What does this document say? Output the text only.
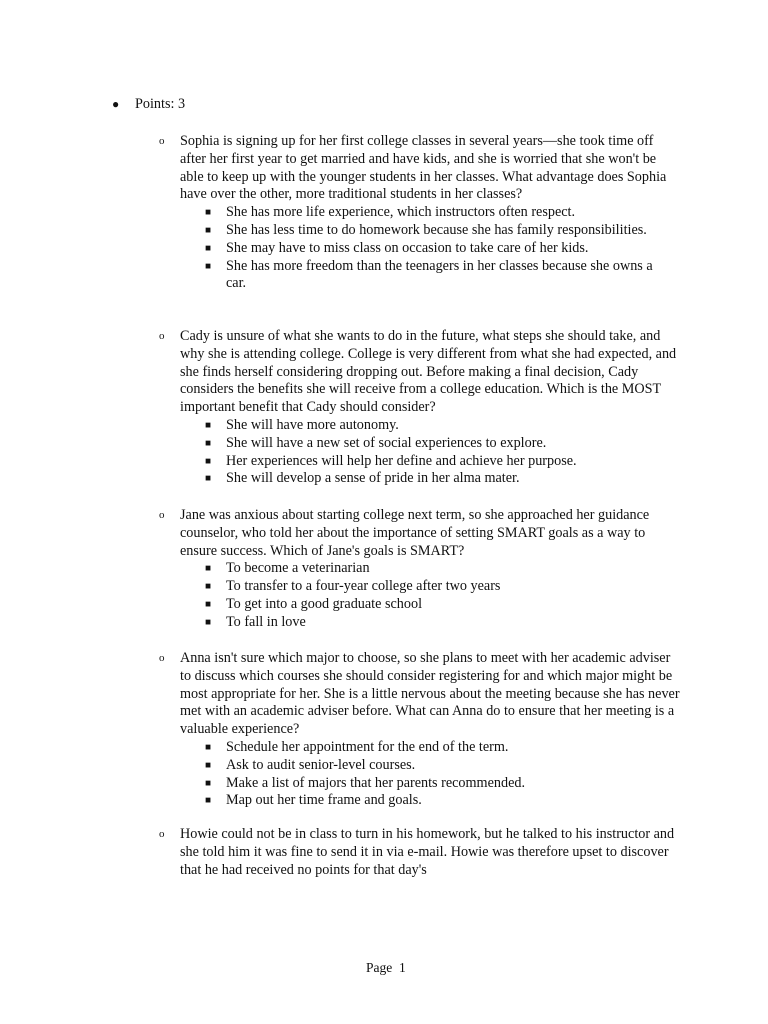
● Points: 3
o Sophia is signing up for her first college classes in several years—she took time off after her first year to get married and have kids, and she is worried that she won't be able to keep up with the younger students in her classes. What advantage does Sophia have over the other, more traditional students in her classes?
■ She has more life experience, which instructors often respect.
■ She has less time to do homework because she has family responsibilities.
■ She may have to miss class on occasion to take care of her kids.
■ She has more freedom than the teenagers in her classes because she owns a car.
o Cady is unsure of what she wants to do in the future, what steps she should take, and why she is attending college. College is very different from what she had expected, and she finds herself considering dropping out. Before making a final decision, Cady considers the benefits she will receive from a college education. Which is the MOST important benefit that Cady should consider?
■ She will have more autonomy.
■ She will have a new set of social experiences to explore.
■ Her experiences will help her define and achieve her purpose.
■ She will develop a sense of pride in her alma mater.
o Jane was anxious about starting college next term, so she approached her guidance counselor, who told her about the importance of setting SMART goals as a way to ensure success. Which of Jane's goals is SMART?
■ To become a veterinarian
■ To transfer to a four-year college after two years
■ To get into a good graduate school
■ To fall in love
o Anna isn't sure which major to choose, so she plans to meet with her academic adviser to discuss which courses she should consider registering for and which major might be most appropriate for her. She is a little nervous about the meeting because she has never met with an academic adviser before. What can Anna do to ensure that her meeting is a valuable experience?
■ Schedule her appointment for the end of the term.
■ Ask to audit senior-level courses.
■ Make a list of majors that her parents recommended.
■ Map out her time frame and goals.
o Howie could not be in class to turn in his homework, but he talked to his instructor and she told him it was fine to send it in via e-mail. Howie was therefore upset to discover that he had received no points for that day's
Page 1
